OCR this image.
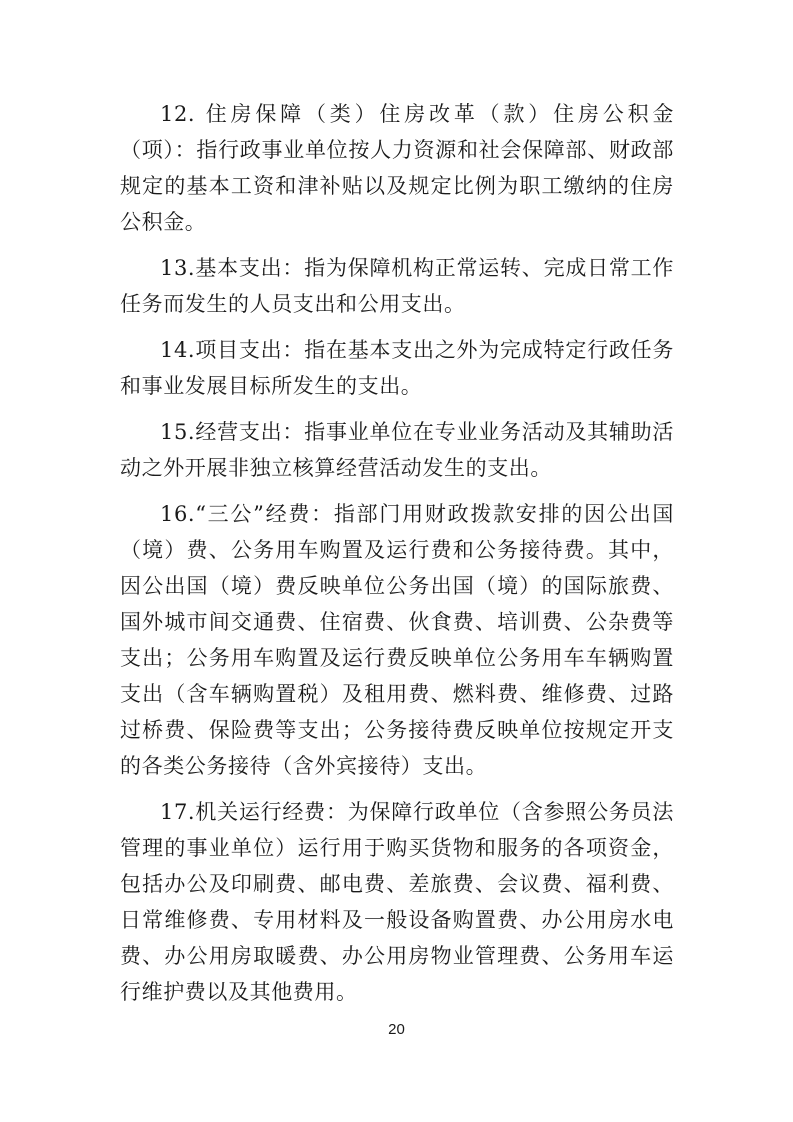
12. 住房保障（类）住房改革（款）住房公积金（项）：指行政事业单位按人力资源和社会保障部、财政部规定的基本工资和津补贴以及规定比例为职工缴纳的住房公积金。

13.基本支出：指为保障机构正常运转、完成日常工作任务而发生的人员支出和公用支出。

14.项目支出：指在基本支出之外为完成特定行政任务和事业发展目标所发生的支出。

15.经营支出：指事业单位在专业业务活动及其辅助活动之外开展非独立核算经营活动发生的支出。

16.“三公”经费：指部门用财政拨款安排的因公出国（境）费、公务用车购置及运行费和公务接待费。其中，因公出国（境）费反映单位公务出国（境）的国际旅费、国外城市间交通费、住宿费、伙食费、培训费、公杂费等支出；公务用车购置及运行费反映单位公务用车车辆购置支出（含车辆购置税）及租用费、燃料费、维修费、过路过桥费、保险费等支出；公务接待费反映单位按规定开支的各类公务接待（含外宾接待）支出。

17.机关运行经费：为保障行政单位（含参照公务员法管理的事业单位）运行用于购买货物和服务的各项资金，包括办公及印刷费、邮电费、差旅费、会议费、福利费、日常维修费、专用材料及一般设备购置费、办公用房水电费、办公用房取暖费、办公用房物业管理费、公务用车运行维护费以及其他费用。

20
